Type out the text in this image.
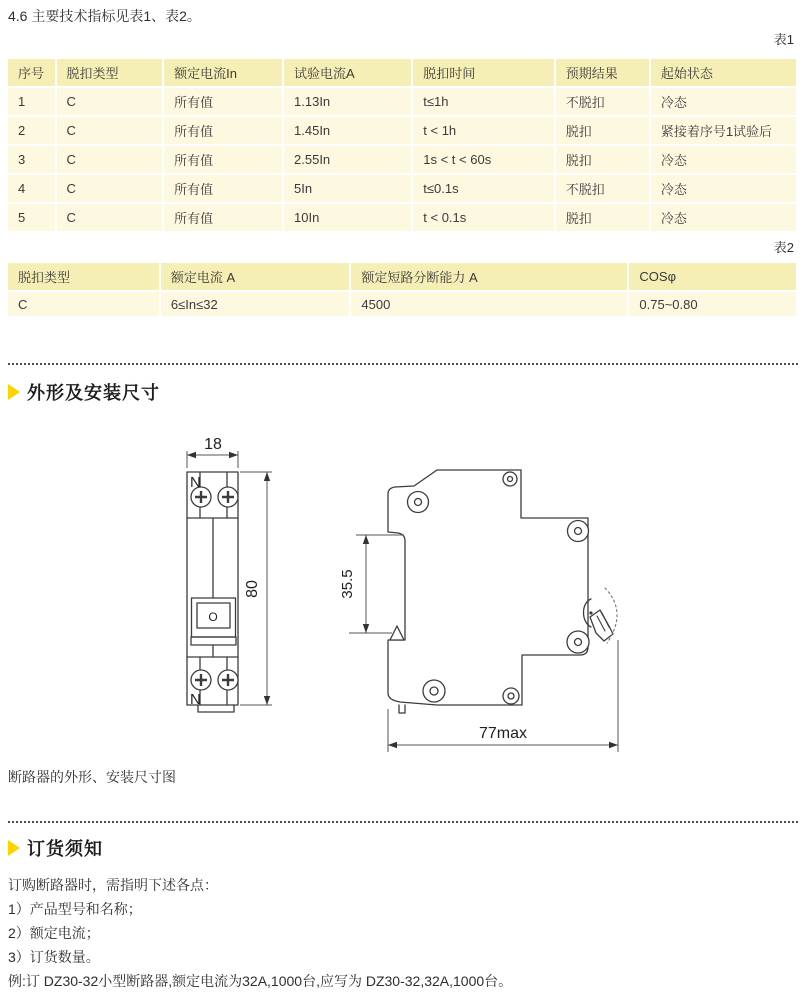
4.6 主要技术指标见表1、表2。

表1
序号	脱扣类型	额定电流In	试验电流A	脱扣时间	预期结果	起始状态
1	C	所有值	1.13In	t≤1h	不脱扣	冷态
2	C	所有值	1.45In	t < 1h	脱扣	紧接着序号1试验后
3	C	所有值	2.55In	1s < t < 60s	脱扣	冷态
4	C	所有值	5In	t≤0.1s	不脱扣	冷态
5	C	所有值	10In	t < 0.1s	脱扣	冷态
表2
脱扣类型	额定电流 A	额定短路分断能力 A	COSφ
C	6≤In≤32	4500	0.75~0.80
外形及安装尺寸
18
80	35.5
77max
N
O
N

断路器的外形、安装尺寸图

订货须知

订购断路器时，需指明下述各点：

1）产品型号和名称；

2）额定电流；

3）订货数量。

例:订 DZ30-32小型断路器,额定电流为32A,1000台,应写为 DZ30-32,32A,1000台。
